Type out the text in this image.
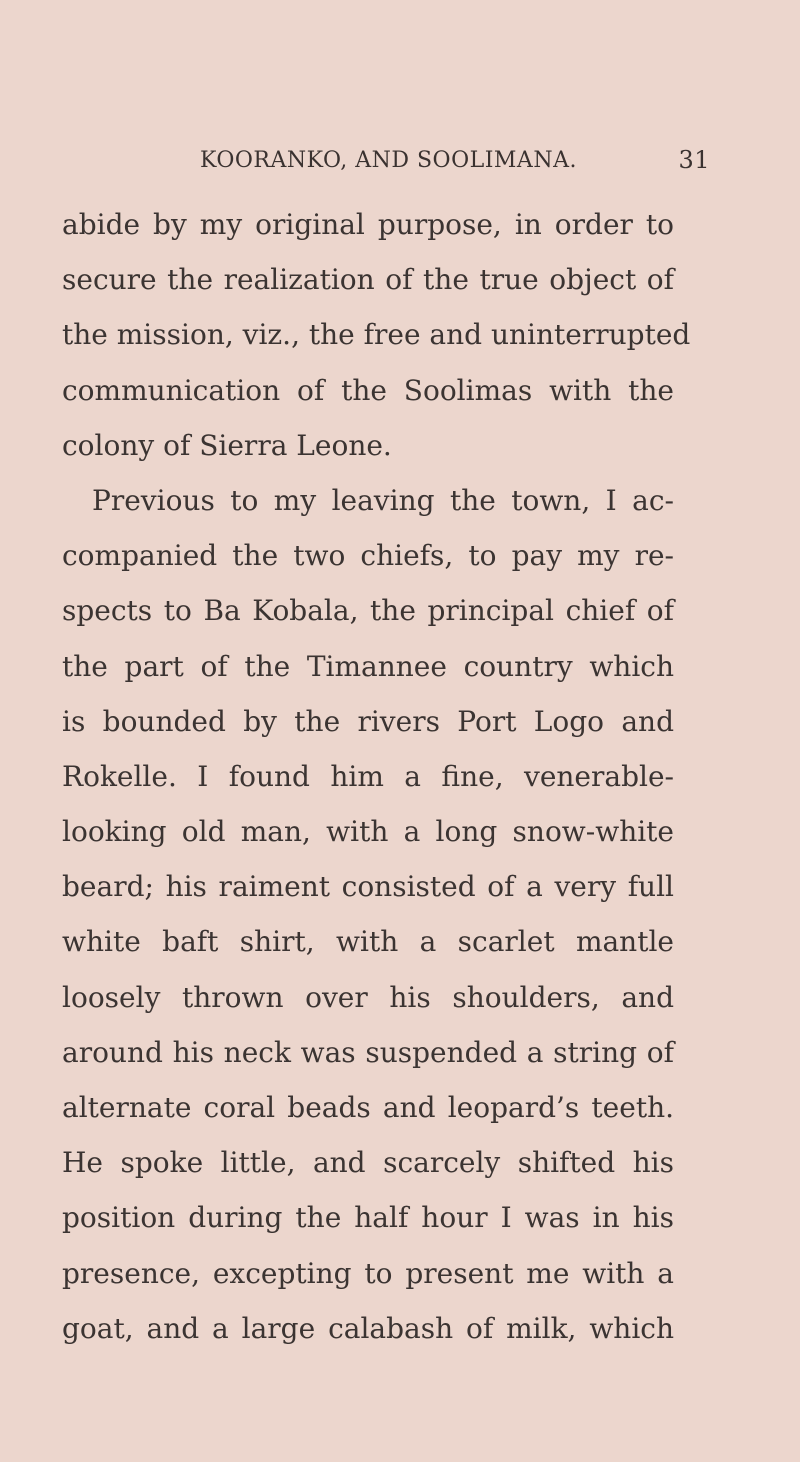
KOORANKO, AND SOOLIMANA.	31
abide by my original purpose, in order to
secure the realization of the true object of
the mission, viz., the free and uninterrupted
communication of the Soolimas with the
colony of Sierra Leone.
Previous to my leaving the town, I ac-
companied the two chiefs, to pay my re-
spects to Ba Kobala, the principal chief of
the part of the Timannee country which
is bounded by the rivers Port Logo and
Rokelle. I found him a fine, venerable-
looking old man, with a long snow-white
beard; his raiment consisted of a very full
white baft shirt, with a scarlet mantle
loosely thrown over his shoulders, and
around his neck was suspended a string of
alternate coral beads and leopard’s teeth.
He spoke little, and scarcely shifted his
position during the half hour I was in his
presence, excepting to present me with a
goat, and a large calabash of milk, which
